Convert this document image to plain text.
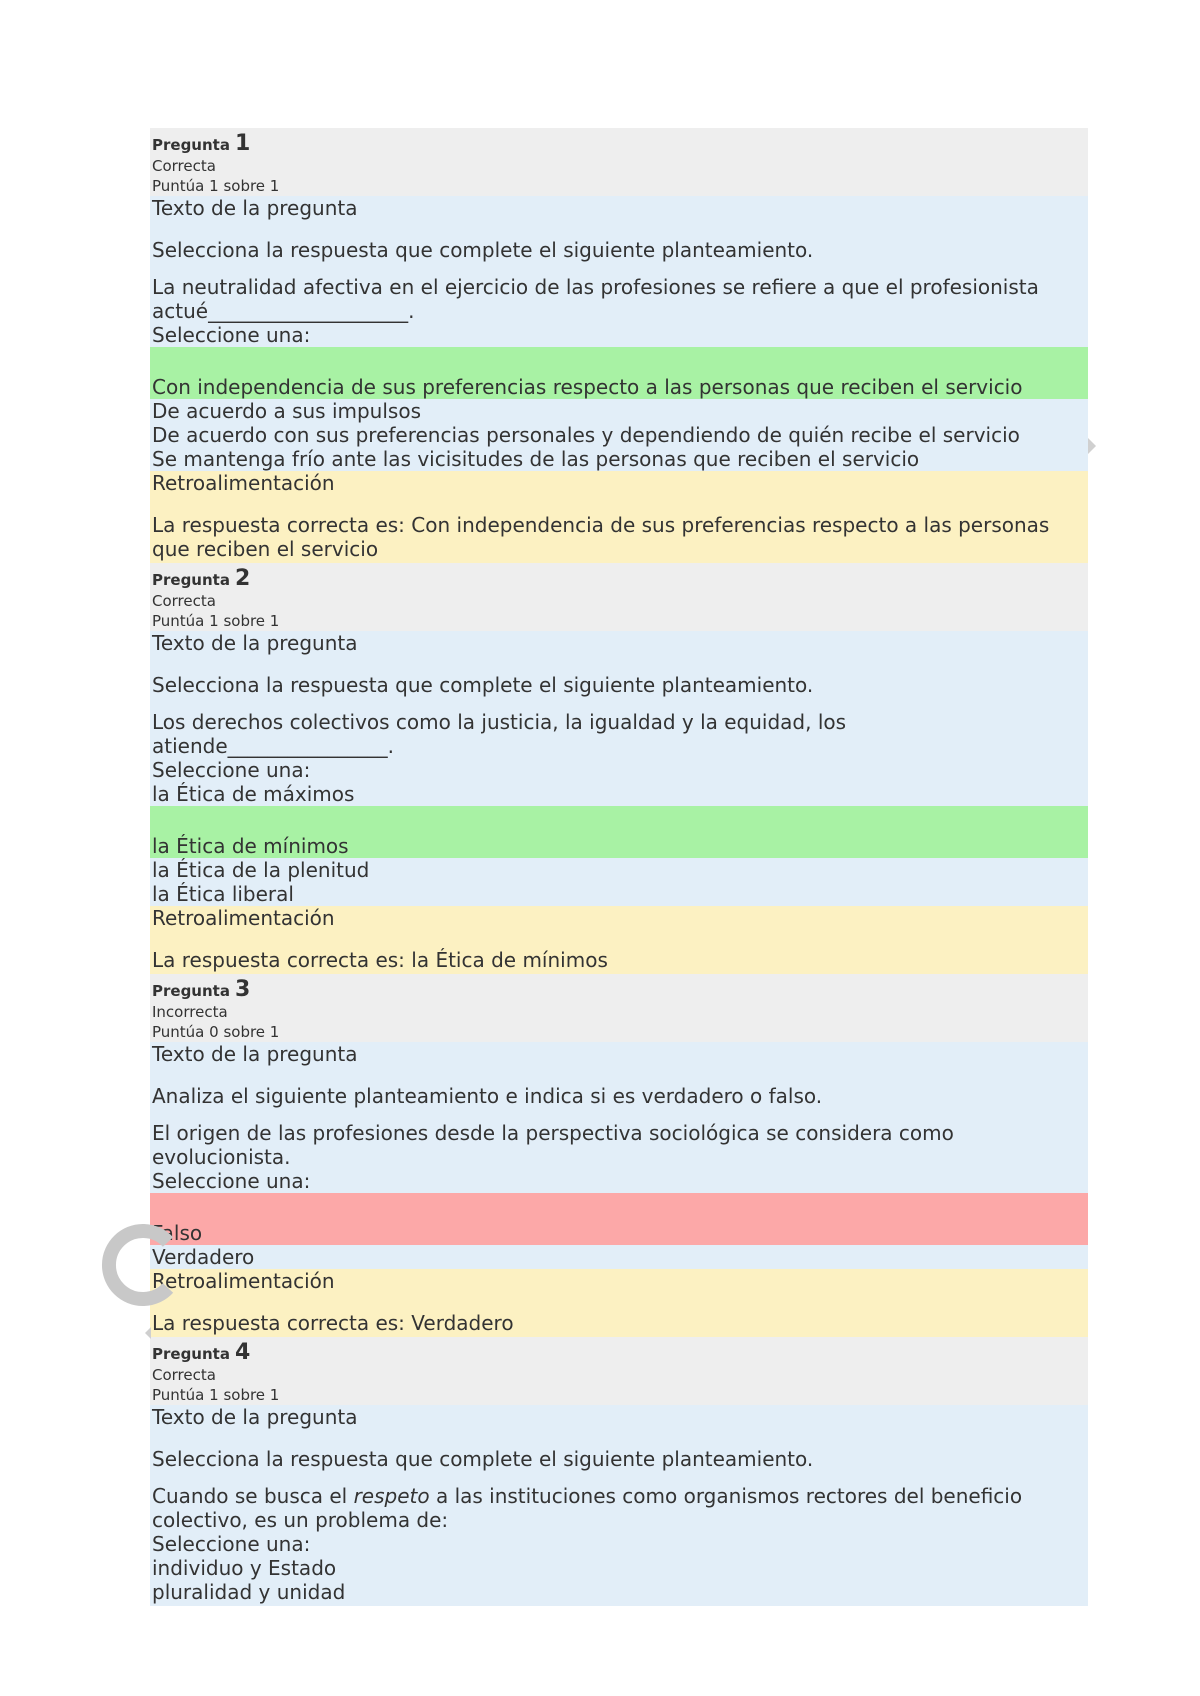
Pregunta 1
Correcta
Puntúa 1 sobre 1
Texto de la pregunta
Selecciona la respuesta que complete el siguiente planteamiento.
La neutralidad afectiva en el ejercicio de las profesiones se refiere a que el profesionista actué____________________.
Seleccione una:
Con independencia de sus preferencias respecto a las personas que reciben el servicio
De acuerdo a sus impulsos
De acuerdo con sus preferencias personales y dependiendo de quién recibe el servicio
Se mantenga frío ante las vicisitudes de las personas que reciben el servicio
Retroalimentación
La respuesta correcta es: Con independencia de sus preferencias respecto a las personas que reciben el servicio
Pregunta 2
Correcta
Puntúa 1 sobre 1
Texto de la pregunta
Selecciona la respuesta que complete el siguiente planteamiento.
Los derechos colectivos como la justicia, la igualdad y la equidad, los atiende________________.
Seleccione una:
la Ética de máximos
la Ética de mínimos
la Ética de la plenitud
la Ética liberal
Retroalimentación
La respuesta correcta es: la Ética de mínimos
Pregunta 3
Incorrecta
Puntúa 0 sobre 1
Texto de la pregunta
Analiza el siguiente planteamiento e indica si es verdadero o falso.
El origen de las profesiones desde la perspectiva sociológica se considera como evolucionista.
Seleccione una:
Falso
Verdadero
Retroalimentación
La respuesta correcta es: Verdadero
Pregunta 4
Correcta
Puntúa 1 sobre 1
Texto de la pregunta
Selecciona la respuesta que complete el siguiente planteamiento.
Cuando se busca el respeto a las instituciones como organismos rectores del beneficio colectivo, es un problema de:
Seleccione una:
individuo y Estado
pluralidad y unidad
